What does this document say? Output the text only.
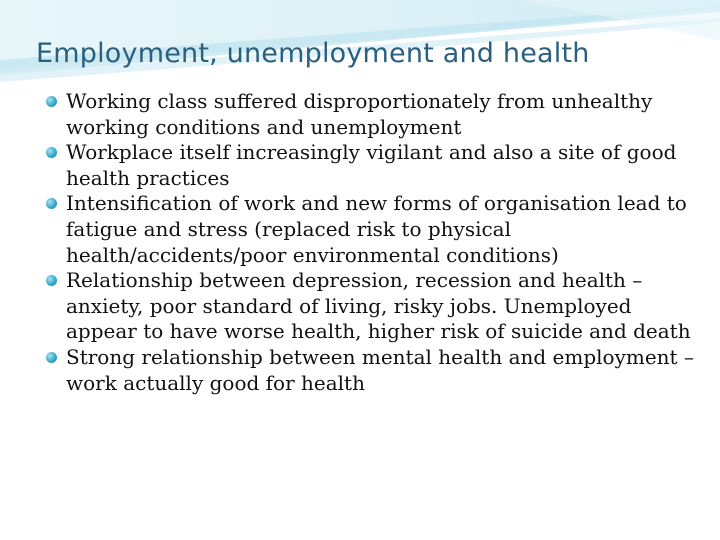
Employment, unemployment and health
Working class suffered disproportionately from unhealthy working conditions and unemployment
Workplace itself increasingly vigilant and also a site of good health practices
Intensification of work and new forms of organisation lead to fatigue and stress (replaced risk to physical health/accidents/poor environmental conditions)
Relationship between depression, recession and health – anxiety, poor standard of living, risky jobs. Unemployed appear to have worse health, higher risk of suicide and death
Strong relationship between mental health and employment – work actually good for health
